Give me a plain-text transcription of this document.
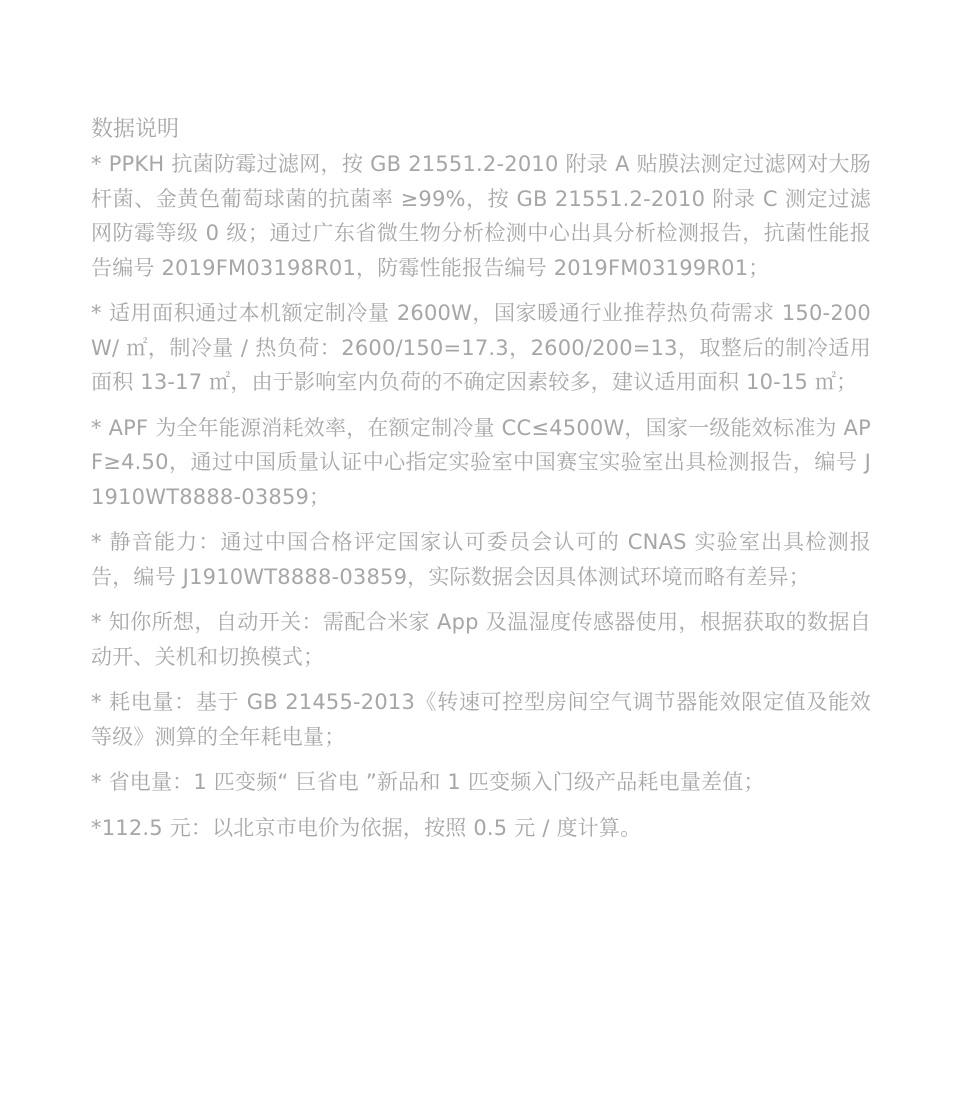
数据说明

* PPKH 抗菌防霉过滤网，按 GB 21551.2-2010 附录 A 贴膜法测定过滤网对大肠杆菌、金黄色葡萄球菌的抗菌率 ≥99%，按 GB 21551.2-2010 附录 C 测定过滤网防霉等级 0 级；通过广东省微生物分析检测中心出具分析检测报告，抗菌性能报告编号 2019FM03198R01，防霉性能报告编号 2019FM03199R01；

* 适用面积通过本机额定制冷量 2600W，国家暖通行业推荐热负荷需求 150-200W/ ㎡，制冷量 / 热负荷：2600/150=17.3，2600/200=13，取整后的制冷适用面积 13-17 ㎡，由于影响室内负荷的不确定因素较多，建议适用面积 10-15 ㎡；

* APF 为全年能源消耗效率，在额定制冷量 CC≤4500W，国家一级能效标准为 APF≥4.50，通过中国质量认证中心指定实验室中国赛宝实验室出具检测报告，编号 J1910WT8888-03859；

* 静音能力：通过中国合格评定国家认可委员会认可的 CNAS 实验室出具检测报告，编号 J1910WT8888-03859，实际数据会因具体测试环境而略有差异；

* 知你所想，自动开关：需配合米家 App 及温湿度传感器使用，根据获取的数据自动开、关机和切换模式；

* 耗电量：基于 GB 21455-2013《转速可控型房间空气调节器能效限定值及能效等级》测算的全年耗电量；

* 省电量：1 匹变频“ 巨省电 ”新品和 1 匹变频入门级产品耗电量差值；

*112.5 元：以北京市电价为依据，按照 0.5 元 / 度计算。
